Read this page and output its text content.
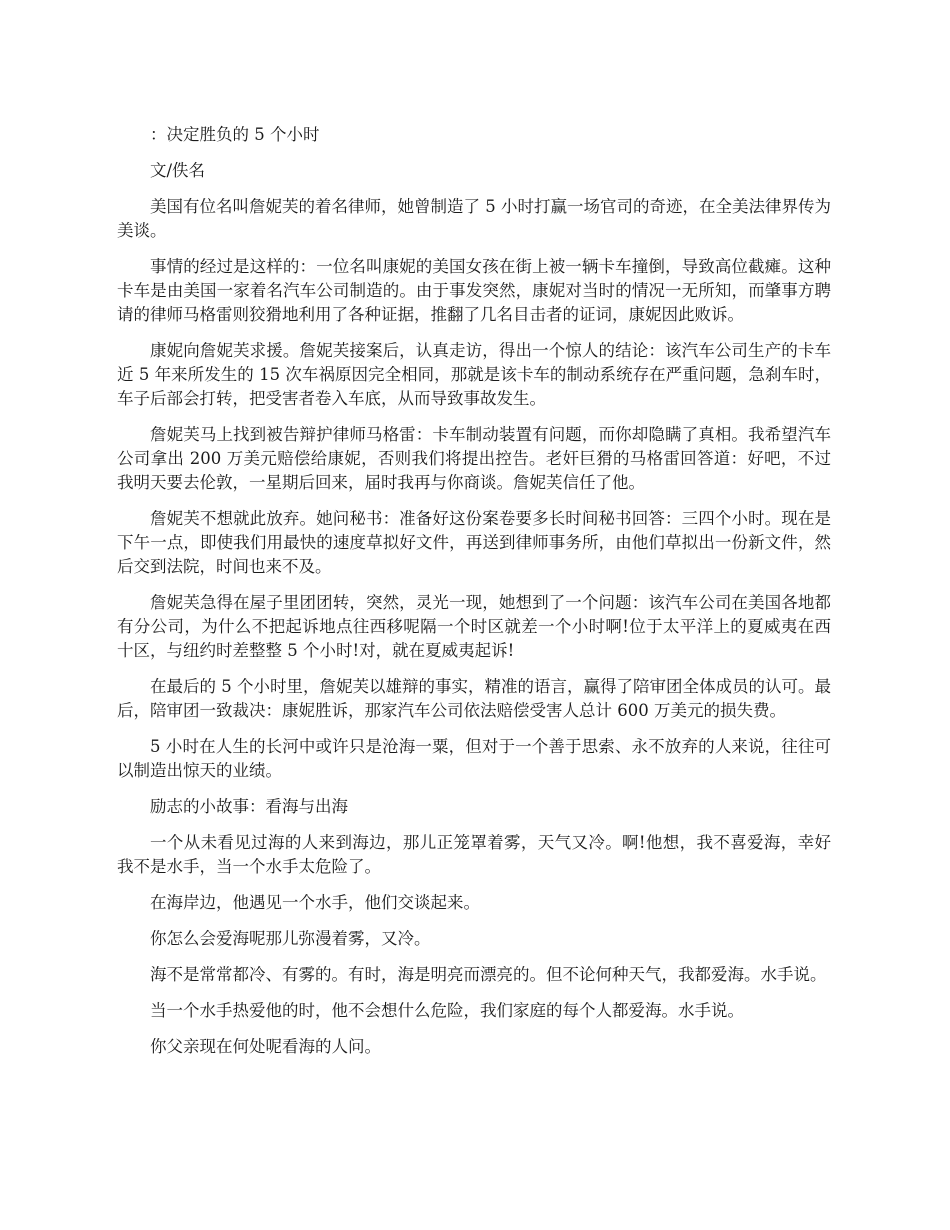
：决定胜负的 5 个小时

文/佚名

美国有位名叫詹妮芙的着名律师，她曾制造了 5 小时打赢一场官司的奇迹，在全美法律界传为美谈。

事情的经过是这样的：一位名叫康妮的美国女孩在街上被一辆卡车撞倒，导致高位截瘫。这种卡车是由美国一家着名汽车公司制造的。由于事发突然，康妮对当时的情况一无所知，而肇事方聘请的律师马格雷则狡猾地利用了各种证据，推翻了几名目击者的证词，康妮因此败诉。

康妮向詹妮芙求援。詹妮芙接案后，认真走访，得出一个惊人的结论：该汽车公司生产的卡车近 5 年来所发生的 15 次车祸原因完全相同，那就是该卡车的制动系统存在严重问题，急刹车时，车子后部会打转，把受害者卷入车底，从而导致事故发生。

詹妮芙马上找到被告辩护律师马格雷：卡车制动装置有问题，而你却隐瞒了真相。我希望汽车公司拿出 200 万美元赔偿给康妮，否则我们将提出控告。老奸巨猾的马格雷回答道：好吧，不过我明天要去伦敦，一星期后回来，届时我再与你商谈。詹妮芙信任了他。

詹妮芙不想就此放弃。她问秘书：准备好这份案卷要多长时间秘书回答：三四个小时。现在是下午一点，即使我们用最快的速度草拟好文件，再送到律师事务所，由他们草拟出一份新文件，然后交到法院，时间也来不及。

詹妮芙急得在屋子里团团转，突然，灵光一现，她想到了一个问题：该汽车公司在美国各地都有分公司，为什么不把起诉地点往西移呢隔一个时区就差一个小时啊!位于太平洋上的夏威夷在西十区，与纽约时差整整 5 个小时!对，就在夏威夷起诉!

在最后的 5 个小时里，詹妮芙以雄辩的事实，精准的语言，赢得了陪审团全体成员的认可。最后，陪审团一致裁决：康妮胜诉，那家汽车公司依法赔偿受害人总计 600 万美元的损失费。

5 小时在人生的长河中或许只是沧海一粟，但对于一个善于思索、永不放弃的人来说，往往可以制造出惊天的业绩。

励志的小故事：看海与出海

一个从未看见过海的人来到海边，那儿正笼罩着雾，天气又冷。啊!他想，我不喜爱海，幸好我不是水手，当一个水手太危险了。

在海岸边，他遇见一个水手，他们交谈起来。

你怎么会爱海呢那儿弥漫着雾，又冷。

海不是常常都冷、有雾的。有时，海是明亮而漂亮的。但不论何种天气，我都爱海。水手说。

当一个水手热爱他的时，他不会想什么危险，我们家庭的每个人都爱海。水手说。

你父亲现在何处呢看海的人问。
